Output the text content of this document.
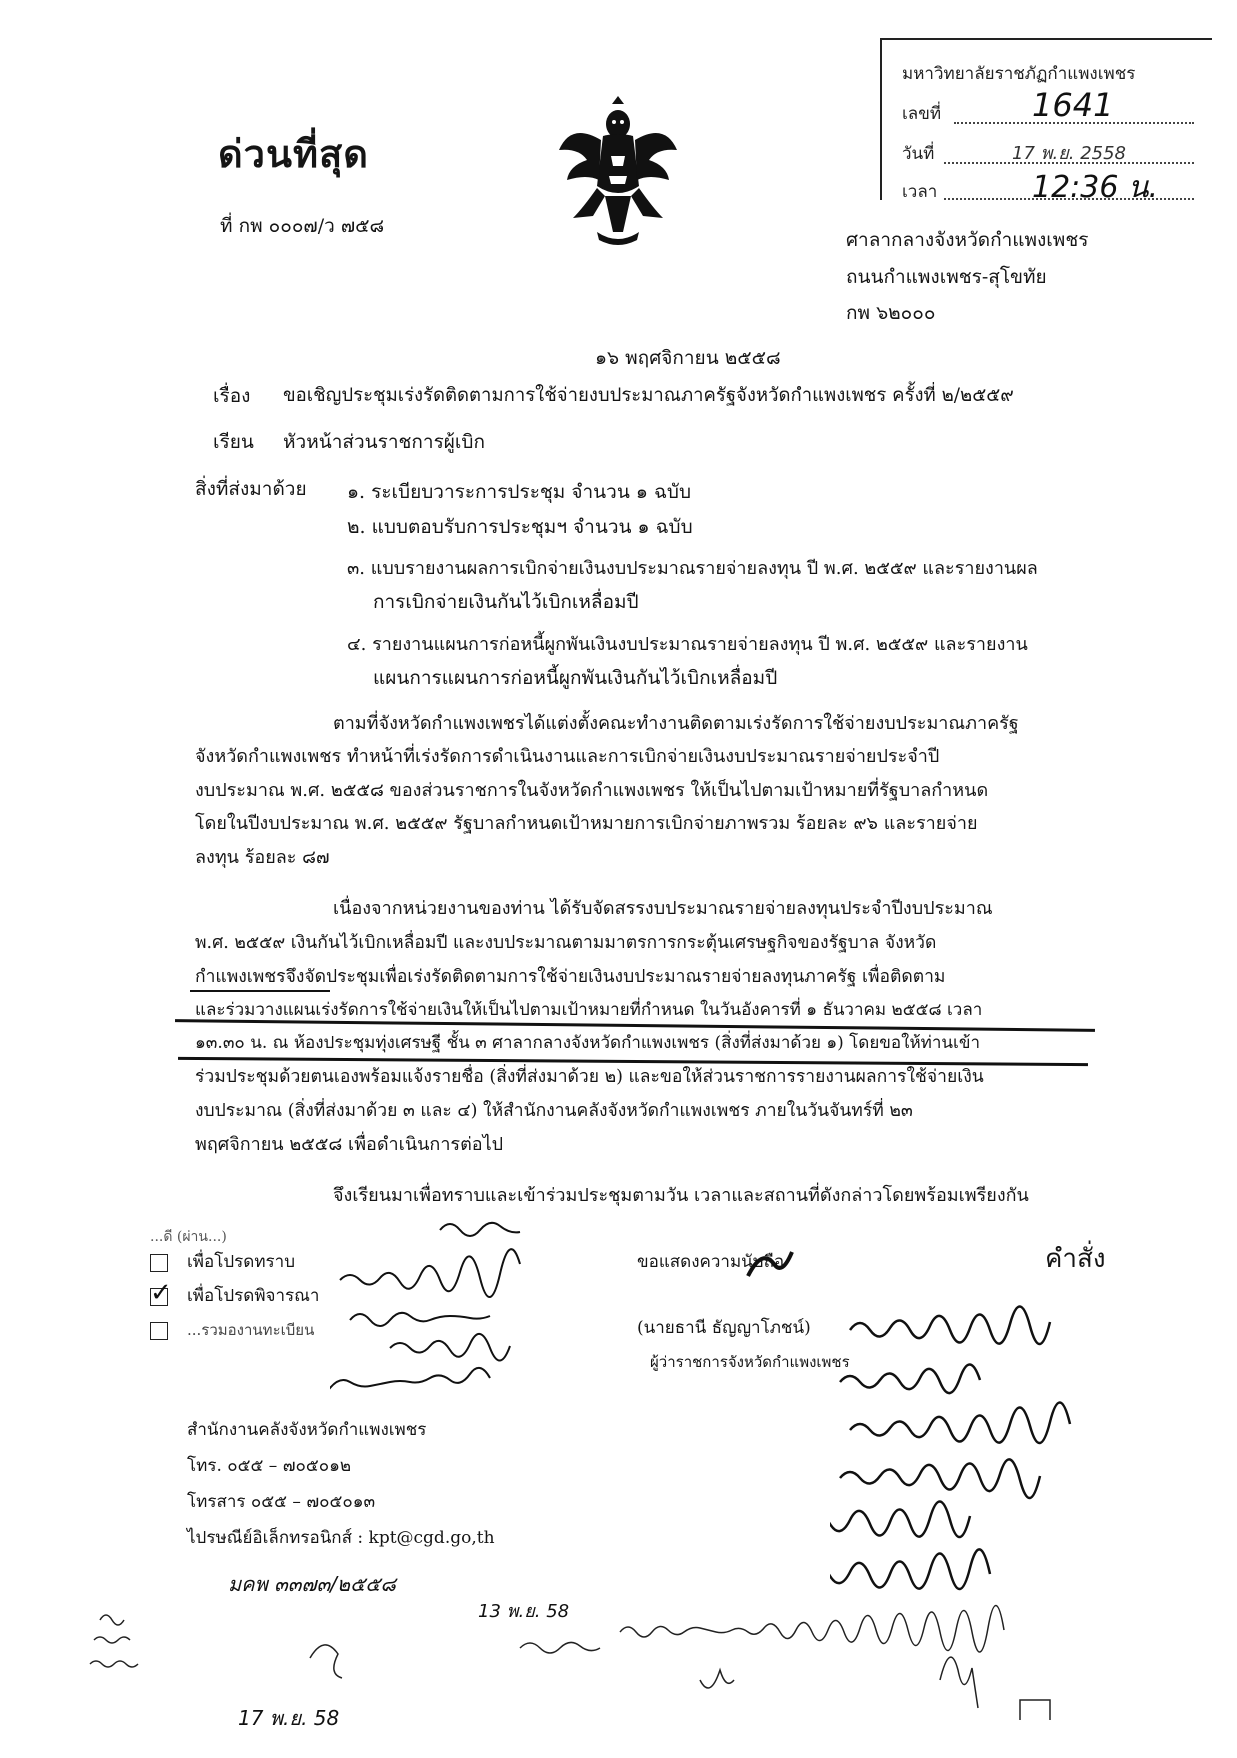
ด่วนที่สุด
ที่ กพ ๐๐๐๗/ว ๗๕๘
มหาวิทยาลัยราชภัฏกำแพงเพชร
เลขที่	1641
วันที่	17 พ.ย. 2558
เวลา	12:36 น.
ศาลากลางจังหวัดกำแพงเพชร
ถนนกำแพงเพชร-สุโขทัย
กพ ๖๒๐๐๐
๑๖ พฤศจิกายน ๒๕๕๘
เรื่อง ขอเชิญประชุมเร่งรัดติดตามการใช้จ่ายงบประมาณภาครัฐจังหวัดกำแพงเพชร ครั้งที่ ๒/๒๕๕๙
เรียน หัวหน้าส่วนราชการผู้เบิก
สิ่งที่ส่งมาด้วย ๑. ระเบียบวาระการประชุม จำนวน ๑ ฉบับ
๒. แบบตอบรับการประชุมฯ จำนวน ๑ ฉบับ
๓. แบบรายงานผลการเบิกจ่ายเงินงบประมาณรายจ่ายลงทุน ปี พ.ศ. ๒๕๕๙ และรายงานผล
การเบิกจ่ายเงินกันไว้เบิกเหลื่อมปี
๔. รายงานแผนการก่อหนี้ผูกพันเงินงบประมาณรายจ่ายลงทุน ปี พ.ศ. ๒๕๕๙ และรายงาน
แผนการแผนการก่อหนี้ผูกพันเงินกันไว้เบิกเหลื่อมปี
ตามที่จังหวัดกำแพงเพชรได้แต่งตั้งคณะทำงานติดตามเร่งรัดการใช้จ่ายงบประมาณภาครัฐ
จังหวัดกำแพงเพชร ทำหน้าที่เร่งรัดการดำเนินงานและการเบิกจ่ายเงินงบประมาณรายจ่ายประจำปี
งบประมาณ พ.ศ. ๒๕๕๘ ของส่วนราชการในจังหวัดกำแพงเพชร ให้เป็นไปตามเป้าหมายที่รัฐบาลกำหนด
โดยในปีงบประมาณ พ.ศ. ๒๕๕๙ รัฐบาลกำหนดเป้าหมายการเบิกจ่ายภาพรวม ร้อยละ ๙๖ และรายจ่าย
ลงทุน ร้อยละ ๘๗
เนื่องจากหน่วยงานของท่าน ได้รับจัดสรรงบประมาณรายจ่ายลงทุนประจำปีงบประมาณ
พ.ศ. ๒๕๕๙ เงินกันไว้เบิกเหลื่อมปี และงบประมาณตามมาตรการกระตุ้นเศรษฐกิจของรัฐบาล จังหวัด
กำแพงเพชรจึงจัดประชุมเพื่อเร่งรัดติดตามการใช้จ่ายเงินงบประมาณรายจ่ายลงทุนภาครัฐ เพื่อติดตาม
และร่วมวางแผนเร่งรัดการใช้จ่ายเงินให้เป็นไปตามเป้าหมายที่กำหนด ในวันอังคารที่ ๑ ธันวาคม ๒๕๕๘ เวลา
๑๓.๓๐ น. ณ ห้องประชุมทุ่งเศรษฐี ชั้น ๓ ศาลากลางจังหวัดกำแพงเพชร (สิ่งที่ส่งมาด้วย ๑) โดยขอให้ท่านเข้า
ร่วมประชุมด้วยตนเองพร้อมแจ้งรายชื่อ (สิ่งที่ส่งมาด้วย ๒) และขอให้ส่วนราชการรายงานผลการใช้จ่ายเงิน
งบประมาณ (สิ่งที่ส่งมาด้วย ๓ และ ๔) ให้สำนักงานคลังจังหวัดกำแพงเพชร ภายในวันจันทร์ที่ ๒๓
พฤศจิกายน ๒๕๕๘ เพื่อดำเนินการต่อไป
จึงเรียนมาเพื่อทราบและเข้าร่วมประชุมตามวัน เวลาและสถานที่ดังกล่าวโดยพร้อมเพรียงกัน
...ดี (ผ่าน...)
เพื่อโปรดทราบ
✓ เพื่อโปรดพิจารณา
...รวมองานทะเบียน
ขอแสดงความนับถือ	คำสั่ง
(นายธานี ธัญญาโภชน์)
ผู้ว่าราชการจังหวัดกำแพงเพชร
สำนักงานคลังจังหวัดกำแพงเพชร
โทร. ๐๕๕ – ๗๐๕๐๑๒
โทรสาร ๐๕๕ – ๗๐๕๐๑๓
ไปรษณีย์อิเล็กทรอนิกส์ : kpt@cgd.go,th
มคพ ๓๓๗๓/๒๕๕๘
13 พ.ย. 58
17 พ.ย. 58
